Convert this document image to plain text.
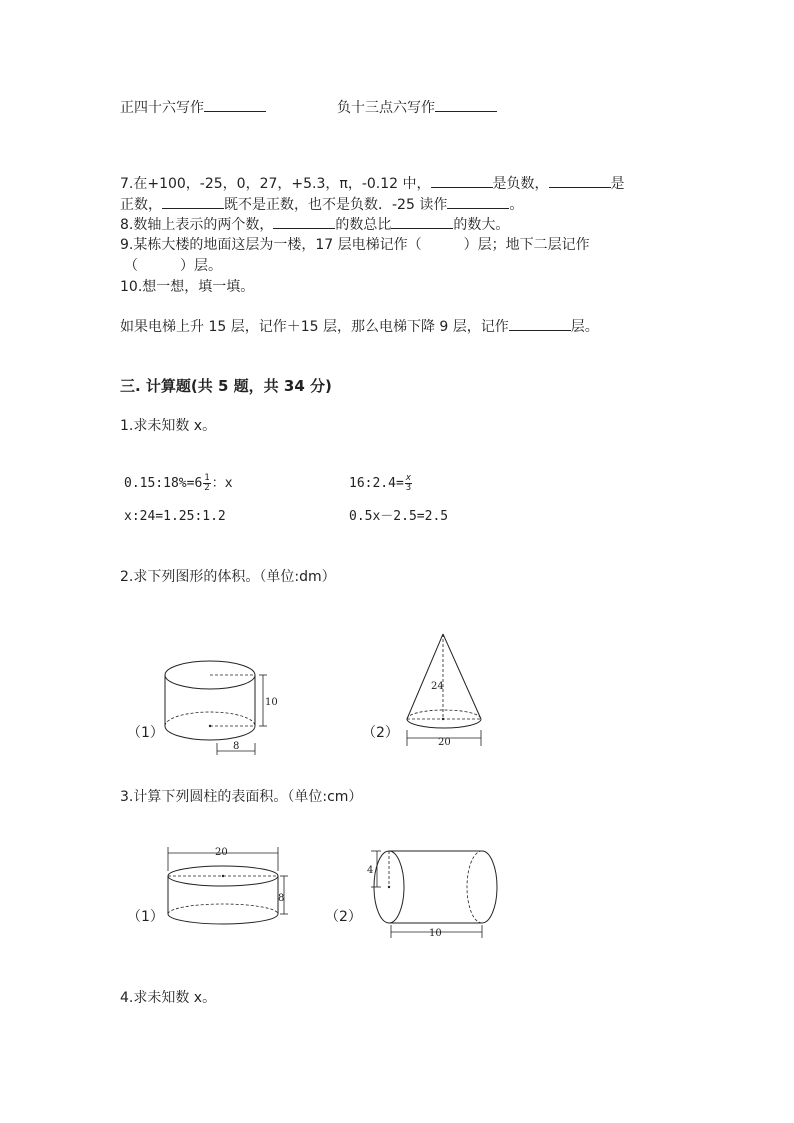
正四十六写作	负十三点六写作
7.在+100，-25，0，27，+5.3，π，-0.12 中，	是负数，	是
正数，	既不是正数，也不是负数．-25 读作	。
8.数轴上表示的两个数，	的数总比	的数大。
9.某栋大楼的地面这层为一楼，17 层电梯记作（　　　）层；地下二层记作
（　　　）层。
10.想一想，填一填。
如果电梯上升 15 层，记作＋15 层，那么电梯下降 9 层，记作	层。
三. 计算题(共 5 题，共 34 分)
1.求未知数 x。
0.15:18%=6 $\frac{1}{2}$ ：x	16:2.4= $\frac{x}{3}$
x:24=1.25:1.2	0.5x－2.5=2.5
2.求下列图形的体积。（单位:dm）
（1）
10
8
（2）
24
20
3.计算下列圆柱的表面积。（单位:cm）
（1）
20
8
（2）
4
10
4.求未知数 x。
